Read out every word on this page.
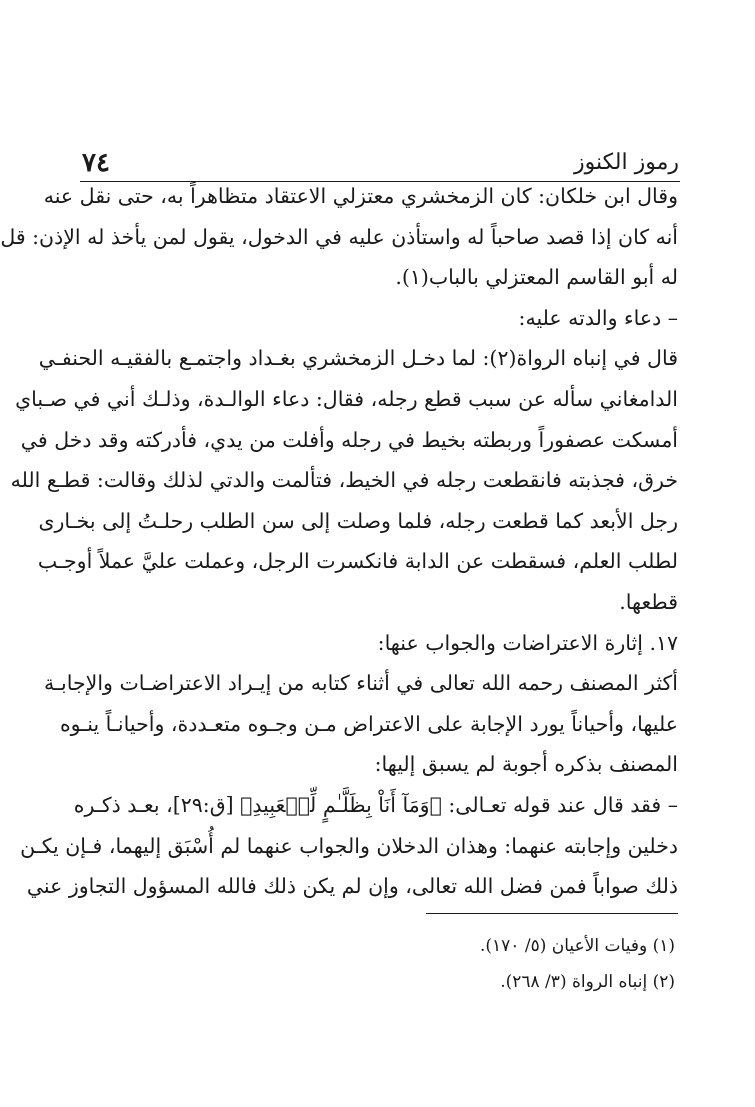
رموز الكنوز
٧٤
وقال ابن خلكان: كان الزمخشري معتزلي الاعتقاد متظاهراً به، حتى نقل عنه
أنه كان إذا قصد صاحباً له واستأذن عليه في الدخول، يقول لمن يأخذ له الإذن: قل
له أبو القاسم المعتزلي بالباب(١).
– دعاء والدته عليه:
قال في إنباه الرواة(٢): لما دخـل الزمخشري بغـداد واجتمـع بالفقيـه الحنفـي
الدامغاني سأله عن سبب قطع رجله، فقال: دعاء الوالـدة، وذلـك أني في صـباي
أمسكت عصفوراً وربطته بخيط في رجله وأفلت من يدي، فأدركته وقد دخل في
خرق، فجذبته فانقطعت رجله في الخيط، فتألمت والدتي لذلك وقالت: قطـع الله
رجل الأبعد كما قطعت رجله، فلما وصلت إلى سن الطلب رحلـتُ إلى بخـارى
لطلب العلم، فسقطت عن الدابة فانكسرت الرجل، وعملت عليَّ عملاً أوجـب
قطعها.
١٧. إثارة الاعتراضات والجواب عنها:
أكثر المصنف رحمه الله تعالى في أثناء كتابه من إيـراد الاعتراضـات والإجابـة
عليها، وأحياناً يورد الإجابة على الاعتراض مـن وجـوه متعـددة، وأحيانـاً ينـوه
المصنف بذكره أجوبة لم يسبق إليها:
– فقد قال عند قوله تعـالى: ﴿وَمَآ أَنَاْ بِظَلَّـٰمٍ لِّلۡعَبِيدِ﴾ [ق:٢٩]، بعـد ذكـره
دخلين وإجابته عنهما: وهذان الدخلان والجواب عنهما لم أُسْبَق إليهما، فـإن يكـن
ذلك صواباً فمن فضل الله تعالى، وإن لم يكن ذلك فالله المسؤول التجاوز عني
(١) وفيات الأعيان (٥/ ١٧٠).
(٢) إنباه الرواة (٣/ ٢٦٨).
